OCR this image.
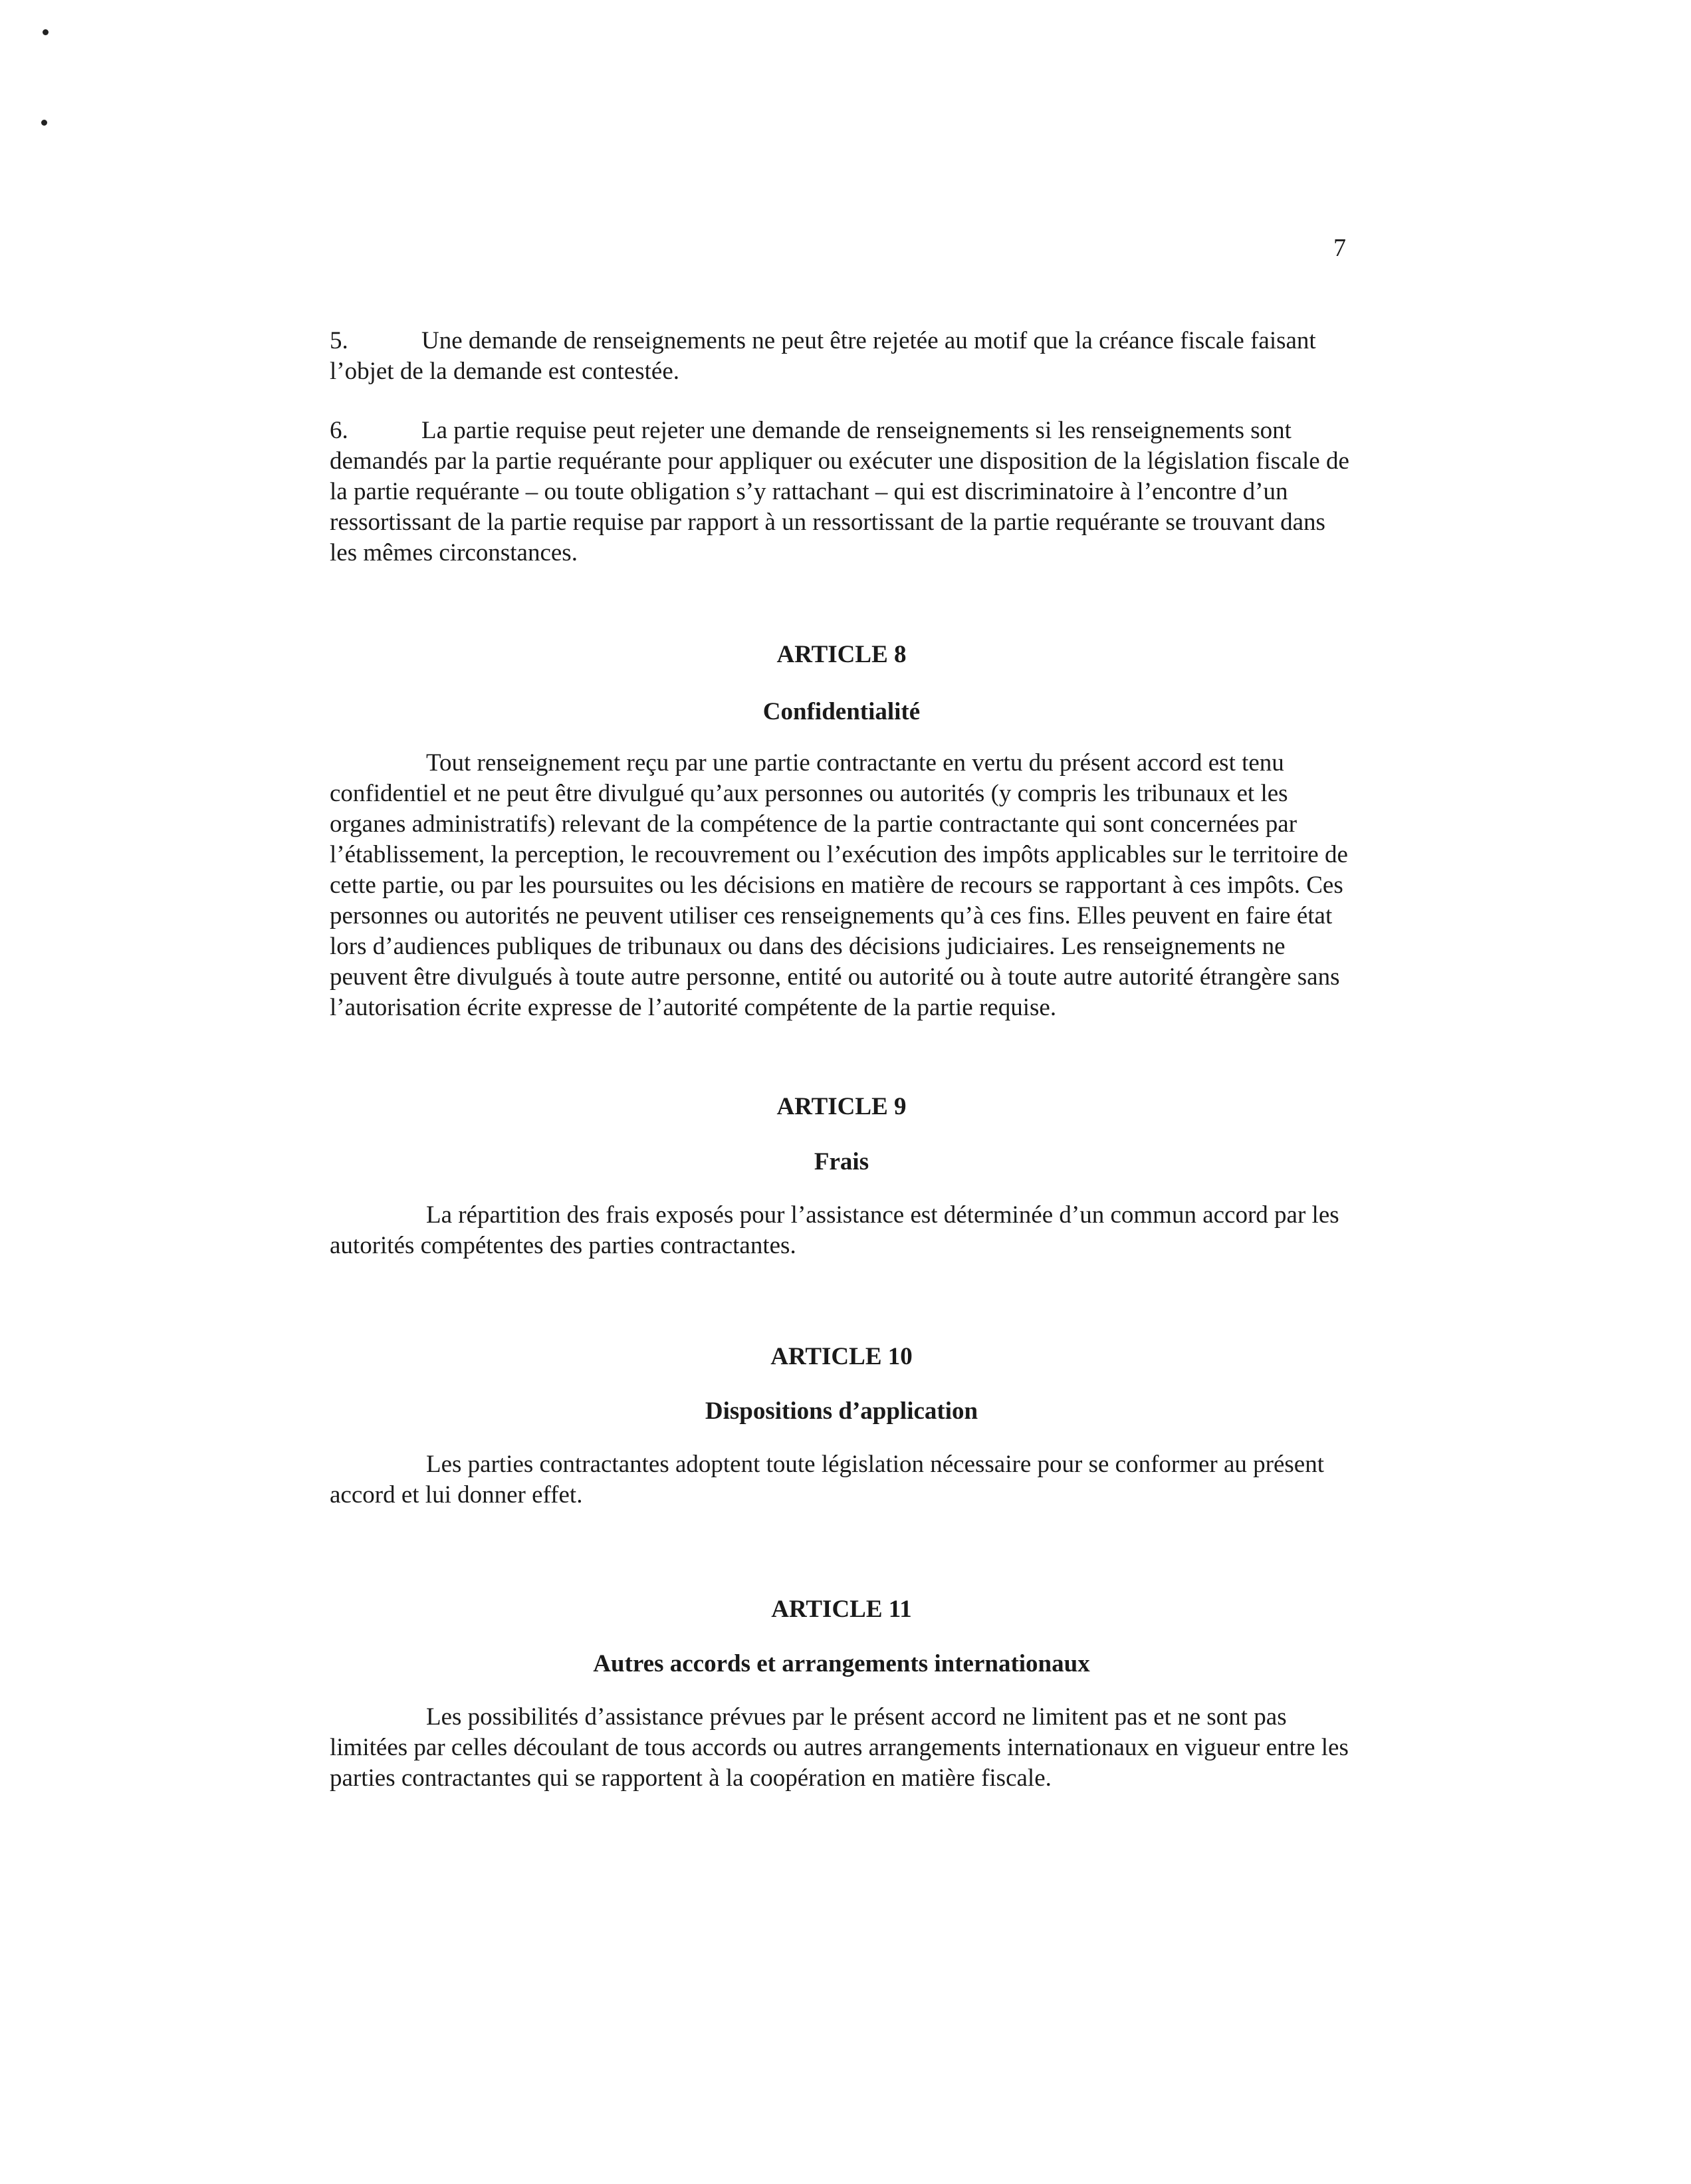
7

5.	Une demande de renseignements ne peut être rejetée au motif que la créance fiscale faisant l’objet de la demande est contestée.

6.	La partie requise peut rejeter une demande de renseignements si les renseignements sont demandés par la partie requérante pour appliquer ou exécuter une disposition de la législation fiscale de la partie requérante – ou toute obligation s’y rattachant – qui est discriminatoire à l’encontre d’un ressortissant de la partie requise par rapport à un ressortissant de la partie requérante se trouvant dans les mêmes circonstances.

ARTICLE 8
Confidentialité

Tout renseignement reçu par une partie contractante en vertu du présent accord est tenu confidentiel et ne peut être divulgué qu’aux personnes ou autorités (y compris les tribunaux et les organes administratifs) relevant de la compétence de la partie contractante qui sont concernées par l’établissement, la perception, le recouvrement ou l’exécution des impôts applicables sur le territoire de cette partie, ou par les poursuites ou les décisions en matière de recours se rapportant à ces impôts. Ces personnes ou autorités ne peuvent utiliser ces renseignements qu’à ces fins. Elles peuvent en faire état lors d’audiences publiques de tribunaux ou dans des décisions judiciaires. Les renseignements ne peuvent être divulgués à toute autre personne, entité ou autorité ou à toute autre autorité étrangère sans l’autorisation écrite expresse de l’autorité compétente de la partie requise.

ARTICLE 9
Frais

La répartition des frais exposés pour l’assistance est déterminée d’un commun accord par les autorités compétentes des parties contractantes.

ARTICLE 10
Dispositions d’application

Les parties contractantes adoptent toute législation nécessaire pour se conformer au présent accord et lui donner effet.

ARTICLE 11
Autres accords et arrangements internationaux

Les possibilités d’assistance prévues par le présent accord ne limitent pas et ne sont pas limitées par celles découlant de tous accords ou autres arrangements internationaux en vigueur entre les parties contractantes qui se rapportent à la coopération en matière fiscale.
